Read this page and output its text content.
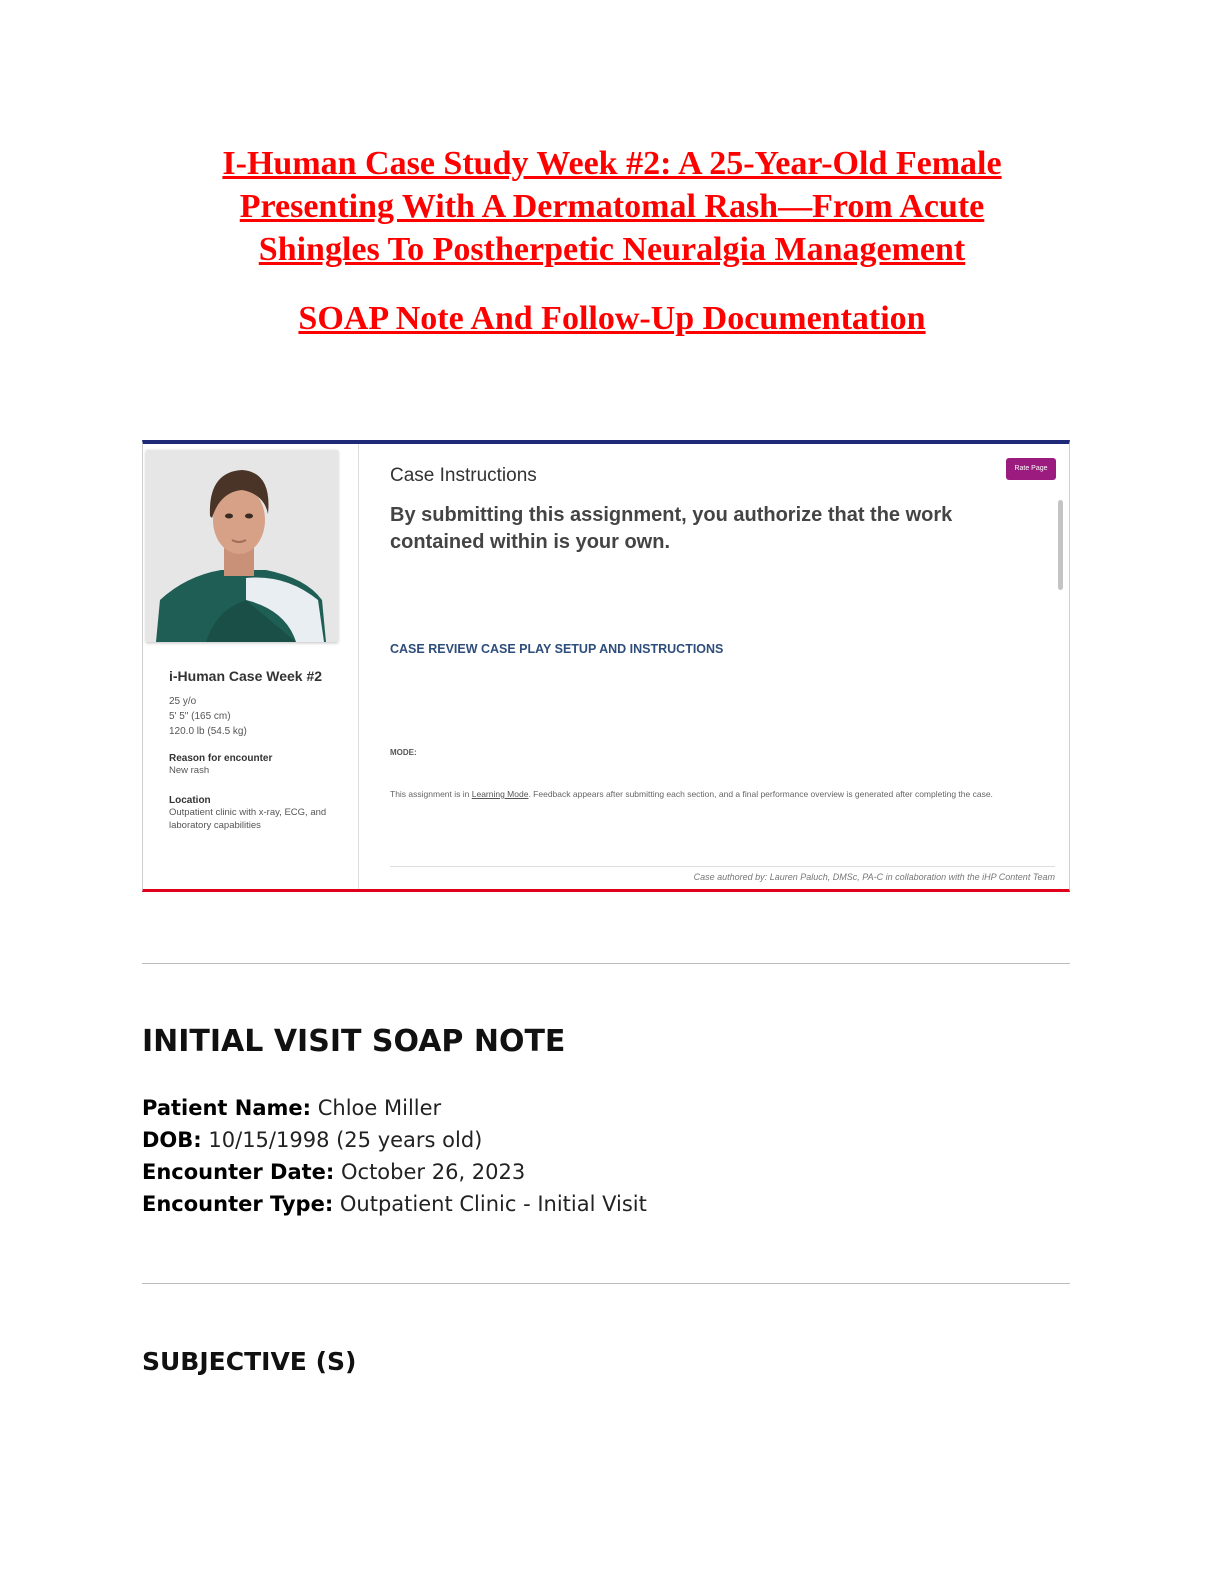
I-Human Case Study Week #2: A 25-Year-Old Female
Presenting With A Dermatomal Rash—From Acute
Shingles To Postherpetic Neuralgia Management

SOAP Note And Follow-Up Documentation

i-Human Case Week #2
25 y/o
5' 5" (165 cm)
120.0 lb (54.5 kg)
Reason for encounter
New rash
Location
Outpatient clinic with x-ray, ECG, and laboratory capabilities
Case Instructions	Rate Page
By submitting this assignment, you authorize that the work contained within is your own.
CASE REVIEW CASE PLAY SETUP AND INSTRUCTIONS
MODE:
This assignment is in Learning Mode. Feedback appears after submitting each section, and a final performance overview is generated after completing the case.
Case authored by: Lauren Paluch, DMSc, PA-C in collaboration with the iHP Content Team
INITIAL VISIT SOAP NOTE
Patient Name: Chloe Miller
DOB: 10/15/1998 (25 years old)
Encounter Date: October 26, 2023
Encounter Type: Outpatient Clinic - Initial Visit
SUBJECTIVE (S)
